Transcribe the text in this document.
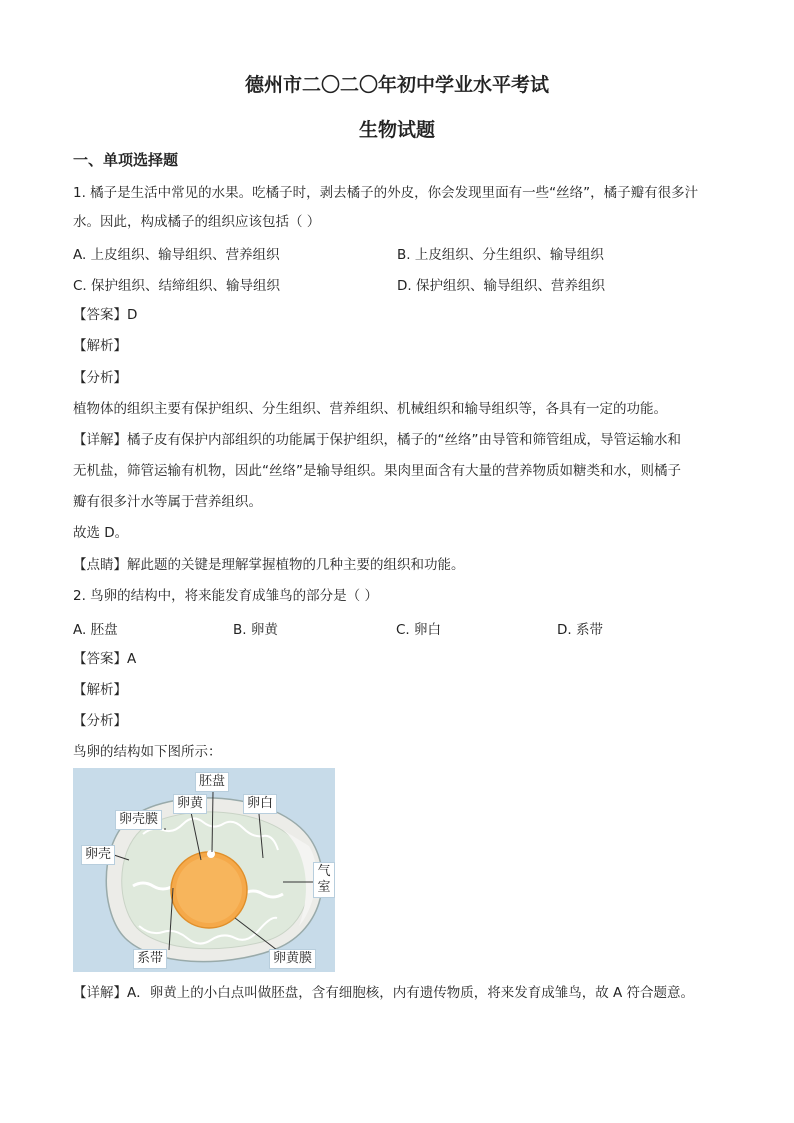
德州市二〇二〇年初中学业水平考试
生物试题
一、单项选择题
1. 橘子是生活中常见的水果。吃橘子时，剥去橘子的外皮，你会发现里面有一些“丝络”，橘子瓣有很多汁
水。因此，构成橘子的组织应该包括（ ）
A. 上皮组织、输导组织、营养组织	B. 上皮组织、分生组织、输导组织
C. 保护组织、结缔组织、输导组织	D. 保护组织、输导组织、营养组织
【答案】D
【解析】
【分析】
植物体的组织主要有保护组织、分生组织、营养组织、机械组织和输导组织等，各具有一定的功能。
【详解】橘子皮有保护内部组织的功能属于保护组织，橘子的“丝络”由导管和筛管组成，导管运输水和
无机盐，筛管运输有机物，因此“丝络”是输导组织。果肉里面含有大量的营养物质如糖类和水，则橘子
瓣有很多汁水等属于营养组织。
故选 D。
【点睛】解此题的关键是理解掌握植物的几种主要的组织和功能。
2. 鸟卵的结构中，将来能发育成雏鸟的部分是（ ）
A. 胚盘	B. 卵黄	C. 卵白	D. 系带
【答案】A
【解析】
【分析】
鸟卵的结构如下图所示：
胚盘
卵黄	卵白
卵壳膜
卵壳
气室
系带	卵黄膜
【详解】A．卵黄上的小白点叫做胚盘，含有细胞核，内有遗传物质，将来发育成雏鸟，故 A 符合题意。
